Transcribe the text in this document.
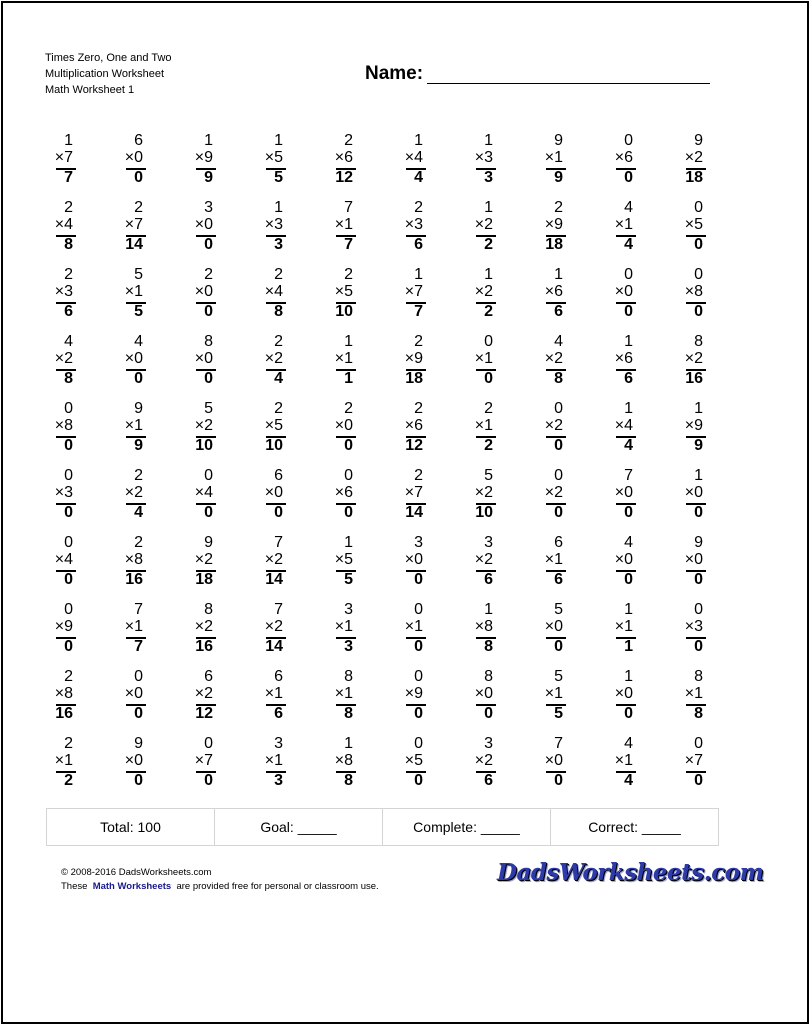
Times Zero, One and Two
Multiplication Worksheet
Math Worksheet 1
Name:
1
×7
7
6
×0
0
1
×9
9
1
×5
5
2
×6
12
1
×4
4
1
×3
3
9
×1
9
0
×6
0
9
×2
18
2
×4
8
2
×7
14
3
×0
0
1
×3
3
7
×1
7
2
×3
6
1
×2
2
2
×9
18
4
×1
4
0
×5
0
2
×3
6
5
×1
5
2
×0
0
2
×4
8
2
×5
10
1
×7
7
1
×2
2
1
×6
6
0
×0
0
0
×8
0
4
×2
8
4
×0
0
8
×0
0
2
×2
4
1
×1
1
2
×9
18
0
×1
0
4
×2
8
1
×6
6
8
×2
16
0
×8
0
9
×1
9
5
×2
10
2
×5
10
2
×0
0
2
×6
12
2
×1
2
0
×2
0
1
×4
4
1
×9
9
0
×3
0
2
×2
4
0
×4
0
6
×0
0
0
×6
0
2
×7
14
5
×2
10
0
×2
0
7
×0
0
1
×0
0
0
×4
0
2
×8
16
9
×2
18
7
×2
14
1
×5
5
3
×0
0
3
×2
6
6
×1
6
4
×0
0
9
×0
0
0
×9
0
7
×1
7
8
×2
16
7
×2
14
3
×1
3
0
×1
0
1
×8
8
5
×0
0
1
×1
1
0
×3
0
2
×8
16
0
×0
0
6
×2
12
6
×1
6
8
×1
8
0
×9
0
8
×0
0
5
×1
5
1
×0
0
8
×1
8
2
×1
2
9
×0
0
0
×7
0
3
×1
3
1
×8
8
0
×5
0
3
×2
6
7
×0
0
4
×1
4
0
×7
0
Total: 100	Goal: _____	Complete: _____	Correct: _____
© 2008-2016 DadsWorksheets.com
These Math Worksheets are provided free for personal or classroom use.
DadsWorksheets.com
